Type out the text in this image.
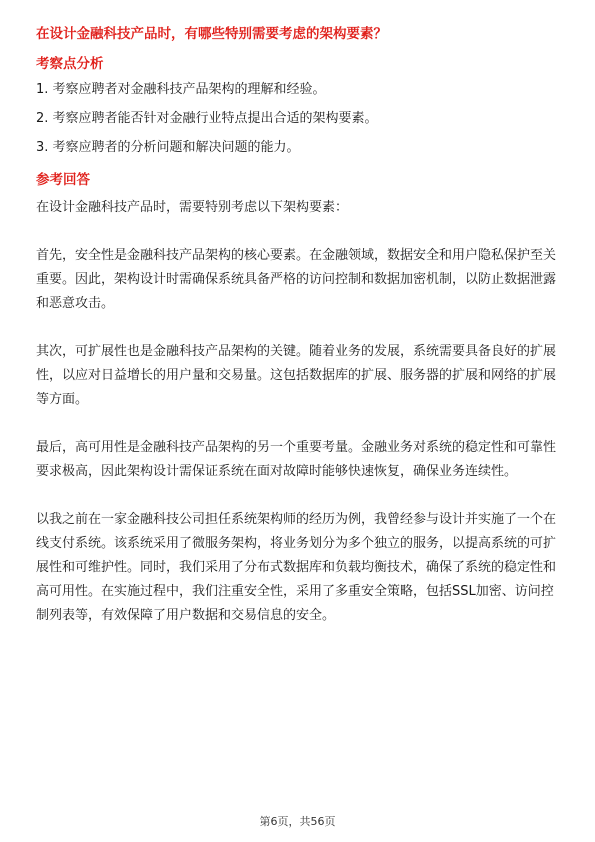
在设计金融科技产品时，有哪些特别需要考虑的架构要素？
考察点分析

1. 考察应聘者对金融科技产品架构的理解和经验。

2. 考察应聘者能否针对金融行业特点提出合适的架构要素。

3. 考察应聘者的分析问题和解决问题的能力。

参考回答

在设计金融科技产品时，需要特别考虑以下架构要素：

首先，安全性是金融科技产品架构的核心要素。在金融领域，数据安全和用户隐私保护至关重要。因此，架构设计时需确保系统具备严格的访问控制和数据加密机制，以防止数据泄露和恶意攻击。

其次，可扩展性也是金融科技产品架构的关键。随着业务的发展，系统需要具备良好的扩展性，以应对日益增长的用户量和交易量。这包括数据库的扩展、服务器的扩展和网络的扩展等方面。

最后，高可用性是金融科技产品架构的另一个重要考量。金融业务对系统的稳定性和可靠性要求极高，因此架构设计需保证系统在面对故障时能够快速恢复，确保业务连续性。

以我之前在一家金融科技公司担任系统架构师的经历为例，我曾经参与设计并实施了一个在线支付系统。该系统采用了微服务架构，将业务划分为多个独立的服务，以提高系统的可扩展性和可维护性。同时，我们采用了分布式数据库和负载均衡技术，确保了系统的稳定性和高可用性。在实施过程中，我们注重安全性，采用了多重安全策略，包括SSL加密、访问控制列表等，有效保障了用户数据和交易信息的安全。

第6页，共56页
